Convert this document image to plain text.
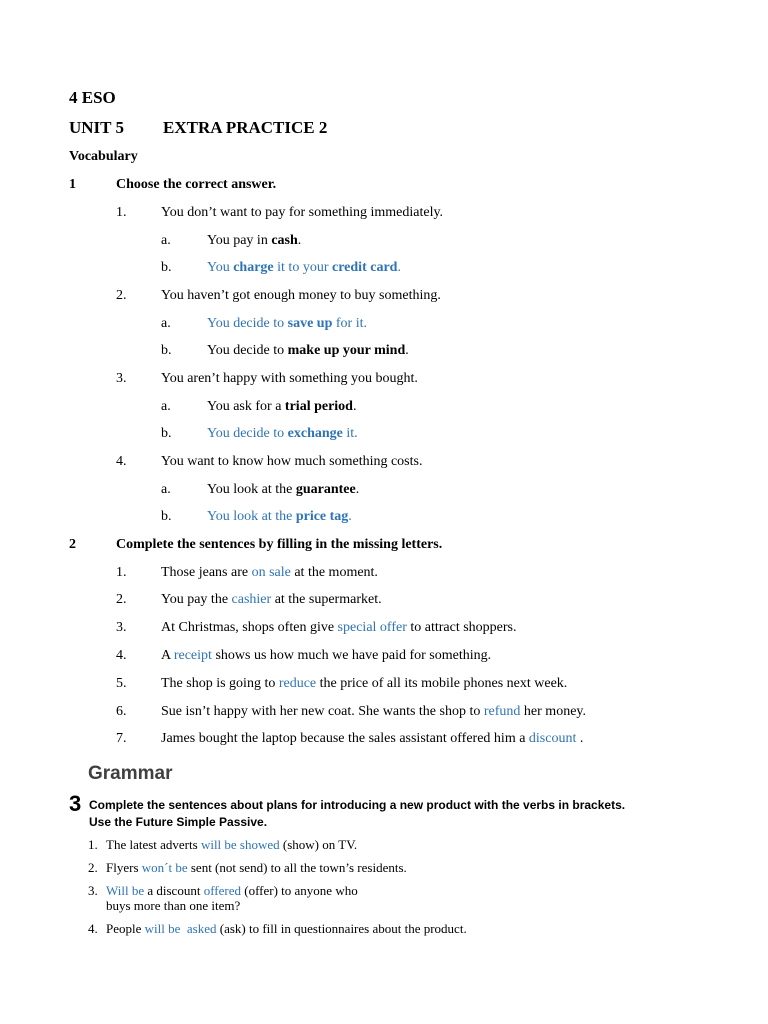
4 ESO
UNIT 5 EXTRA PRACTICE 2
Vocabulary
1	Choose the correct answer.
1. You don’t want to pay for something immediately.
a.	You pay in cash.
b.	You charge it to your credit card.
2. You haven’t got enough money to buy something.
a.	You decide to save up for it.
b.	You decide to make up your mind.
3. You aren’t happy with something you bought.
a.	You ask for a trial period.
b.	You decide to exchange it.
4. You want to know how much something costs.
a.	You look at the guarantee.
b.	You look at the price tag.
2	Complete the sentences by filling in the missing letters.
1. Those jeans are on sale at the moment.
2. You pay the cashier at the supermarket.
3. At Christmas, shops often give special offer to attract shoppers.
4. A receipt shows us how much we have paid for something.
5. The shop is going to reduce the price of all its mobile phones next week.
6. Sue isn’t happy with her new coat. She wants the shop to refund her money.
7. James bought the laptop because the sales assistant offered him a discount .
Grammar
3 Complete the sentences about plans for introducing a new product with the verbs in brackets.
Use the Future Simple Passive.
1. The latest adverts will be showed (show) on TV.
2. Flyers won´t be sent (not send) to all the town’s residents.
3. Will be a discount offered (offer) to anyone who
buys more than one item?
4. People will be asked (ask) to fill in questionnaires about the product.
